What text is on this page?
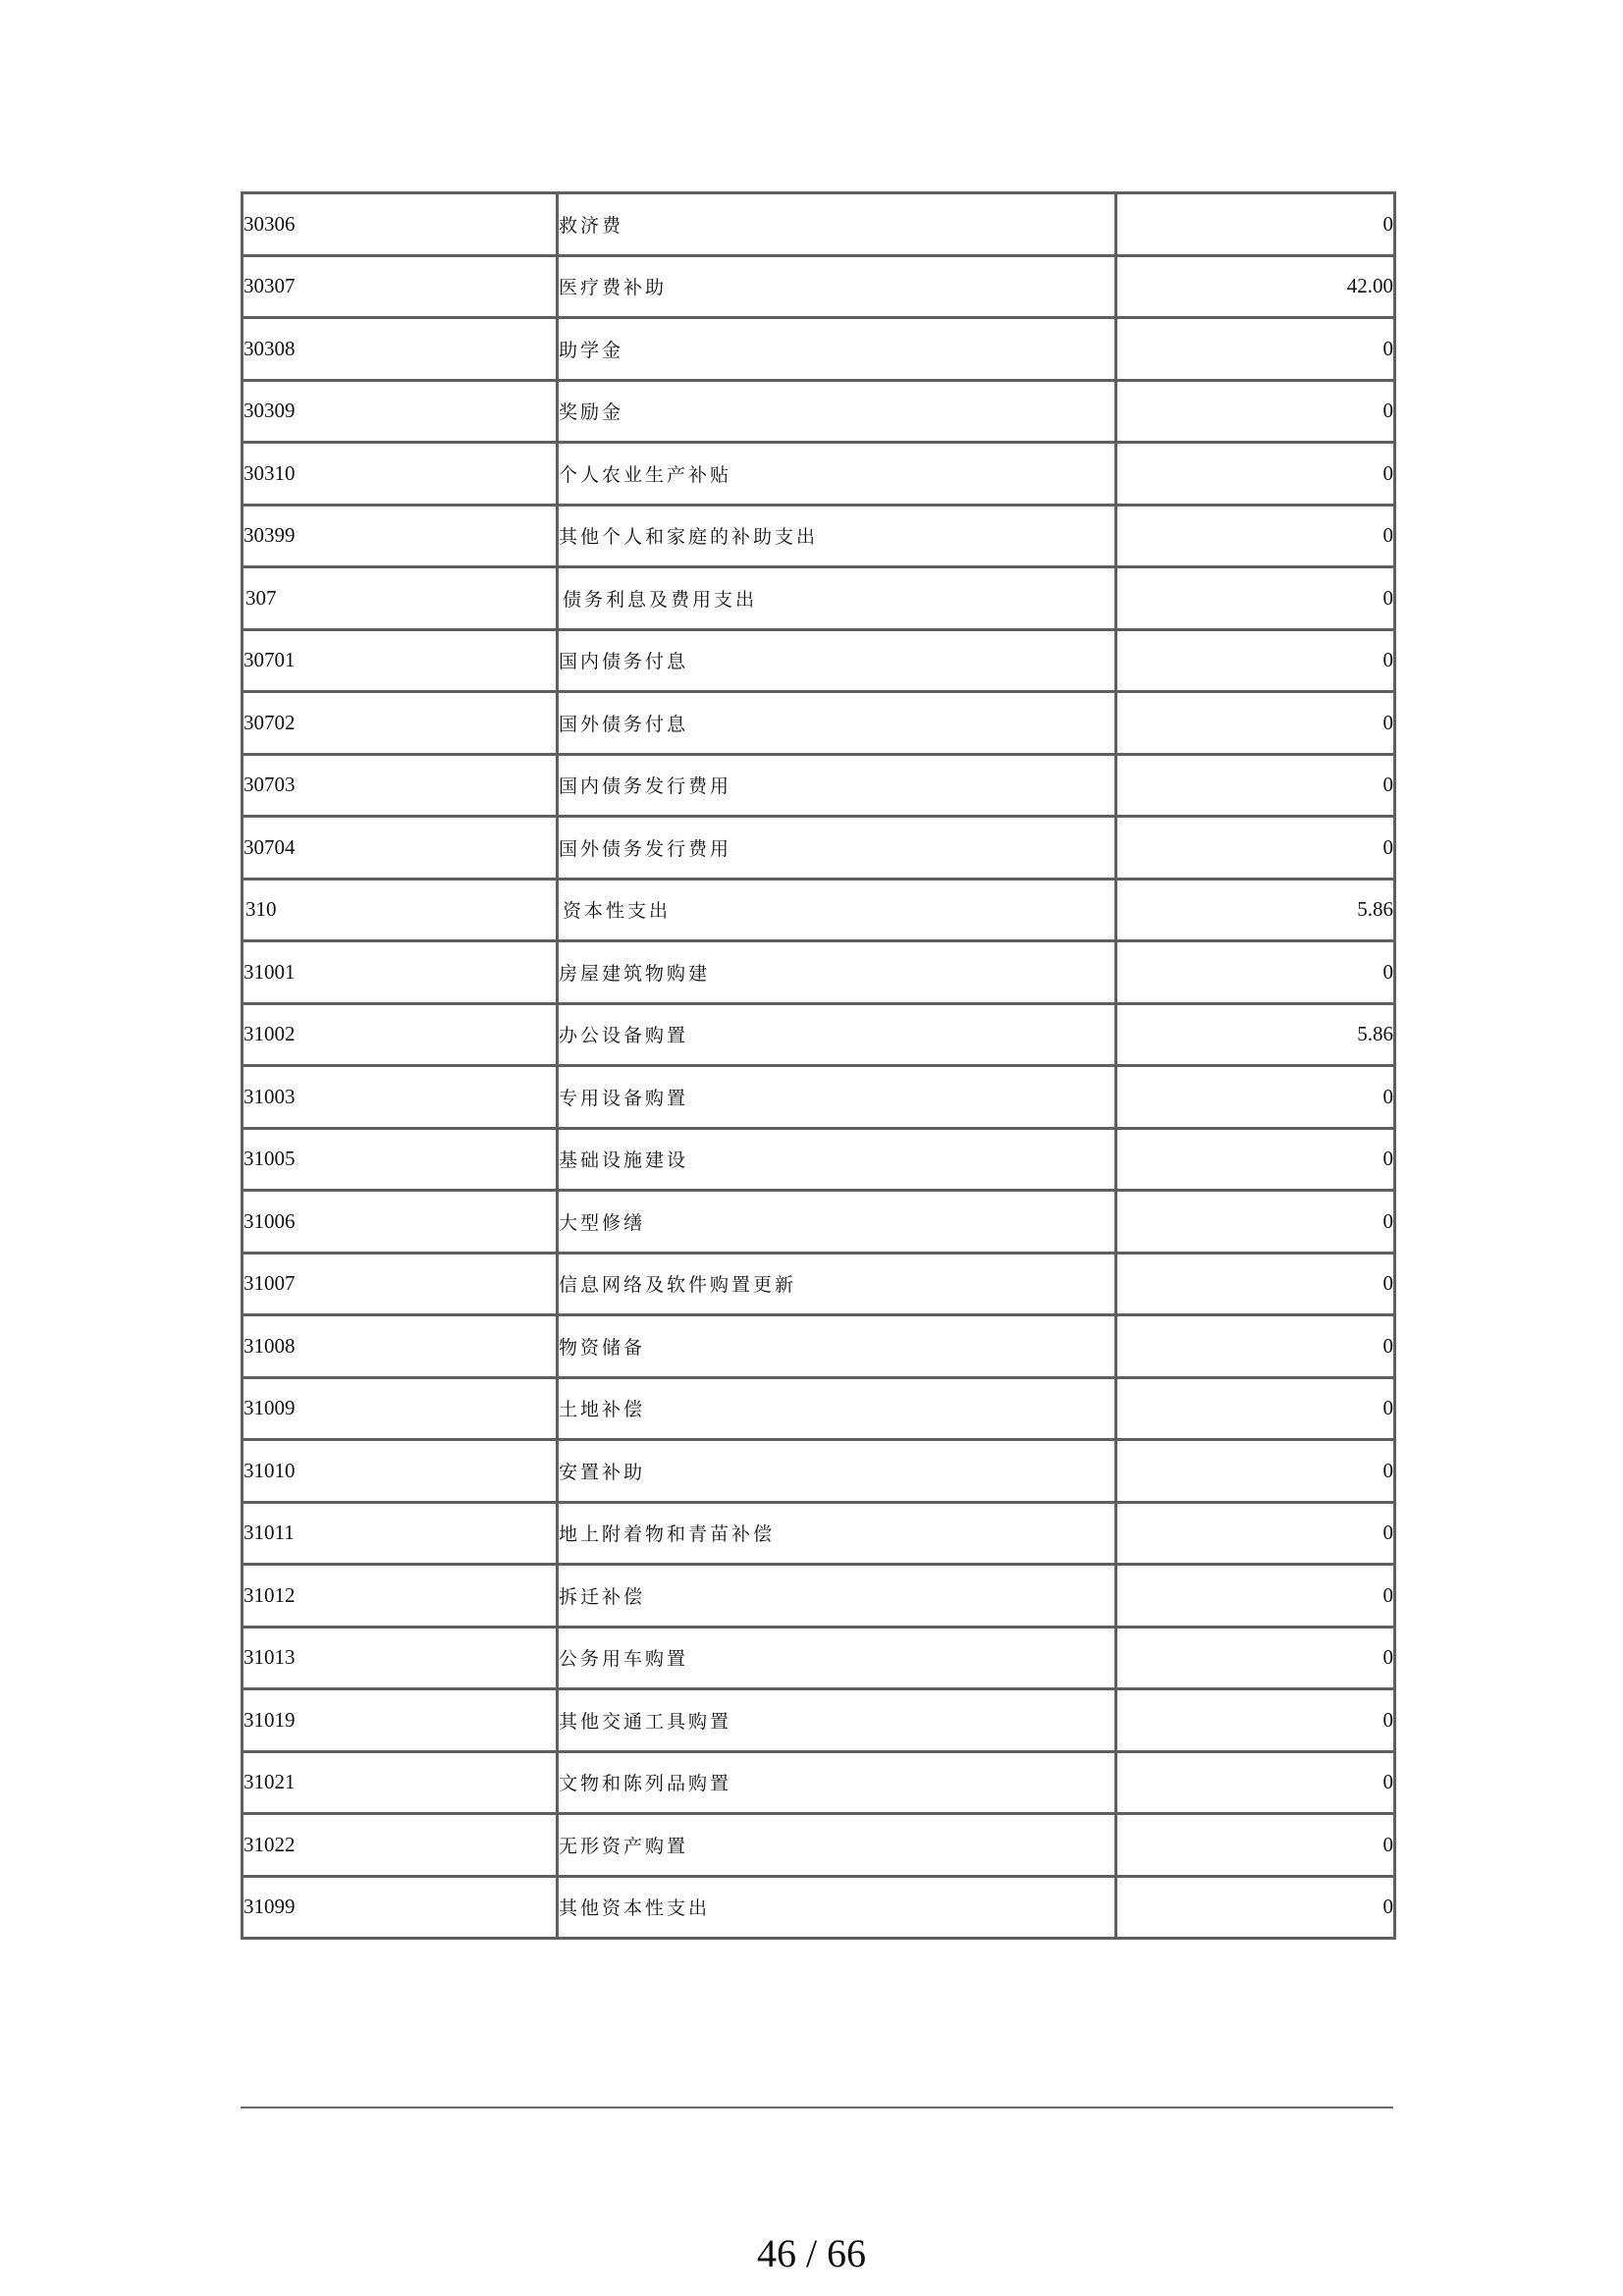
30306	救济费	0
30307	医疗费补助	42.00
30308	助学金	0
30309	奖励金	0
30310	个人农业生产补贴	0
30399	其他个人和家庭的补助支出	0
307	债务利息及费用支出	0
30701	国内债务付息	0
30702	国外债务付息	0
30703	国内债务发行费用	0
30704	国外债务发行费用	0
310	资本性支出	5.86
31001	房屋建筑物购建	0
31002	办公设备购置	5.86
31003	专用设备购置	0
31005	基础设施建设	0
31006	大型修缮	0
31007	信息网络及软件购置更新	0
31008	物资储备	0
31009	土地补偿	0
31010	安置补助	0
31011	地上附着物和青苗补偿	0
31012	拆迁补偿	0
31013	公务用车购置	0
31019	其他交通工具购置	0
31021	文物和陈列品购置	0
31022	无形资产购置	0
31099	其他资本性支出	0
46 / 66
